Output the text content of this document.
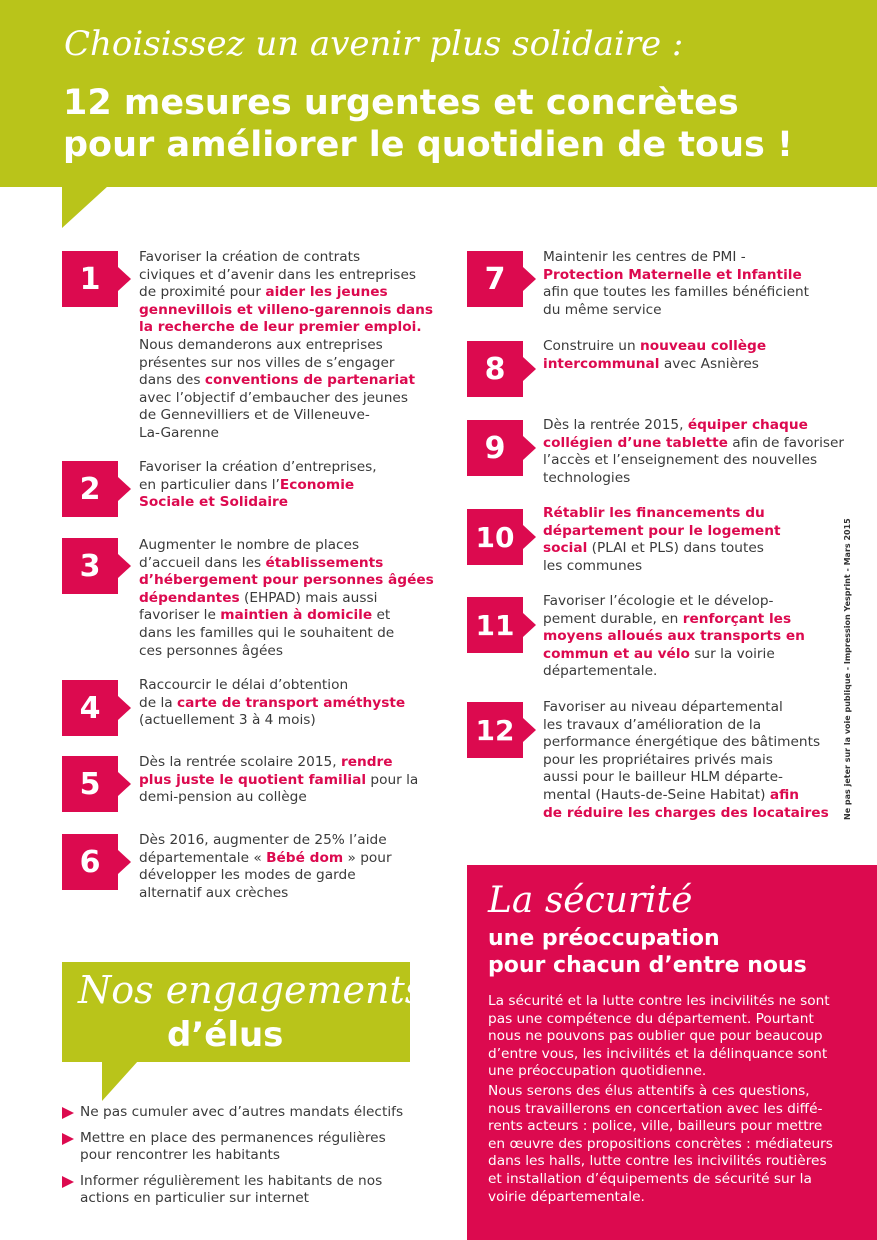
Choisissez un avenir plus solidaire :
12 mesures urgentes et concrètes
pour améliorer le quotidien de tous !
1
Favoriser la création de contrats
civiques et d’avenir dans les entreprises
de proximité pour aider les jeunes
gennevillois et villeno-garennois dans
la recherche de leur premier emploi.
Nous demanderons aux entreprises
présentes sur nos villes de s’engager
dans des conventions de partenariat
avec l’objectif d’embaucher des jeunes
de Gennevilliers et de Villeneuve-
La-Garenne
2
Favoriser la création d’entreprises,
en particulier dans l’Economie
Sociale et Solidaire
3
Augmenter le nombre de places
d’accueil dans les établissements
d’hébergement pour personnes âgées
dépendantes (EHPAD) mais aussi
favoriser le maintien à domicile et
dans les familles qui le souhaitent de
ces personnes âgées
4
Raccourcir le délai d’obtention
de la carte de transport améthyste
(actuellement 3 à 4 mois)
5
Dès la rentrée scolaire 2015, rendre
plus juste le quotient familial pour la
demi-pension au collège
6
Dès 2016, augmenter de 25% l’aide
départementale « Bébé dom » pour
développer les modes de garde
alternatif aux crèches
7
Maintenir les centres de PMI -
Protection Maternelle et Infantile
afin que toutes les familles bénéficient
du même service
8
Construire un nouveau collège
intercommunal avec Asnières
9
Dès la rentrée 2015, équiper chaque
collégien d’une tablette afin de favoriser
l’accès et l’enseignement des nouvelles
technologies
10
Rétablir les financements du
département pour le logement
social (PLAI et PLS) dans toutes
les communes
11
Favoriser l’écologie et le dévelop-
pement durable, en renforçant les
moyens alloués aux transports en
commun et au vélo sur la voirie
départementale.
12
Favoriser au niveau départemental
les travaux d’amélioration de la
performance énergétique des bâtiments
pour les propriétaires privés mais
aussi pour le bailleur HLM départe-
mental (Hauts-de-Seine Habitat) afin
de réduire les charges des locataires Ne pas jeter sur la voie publique - Impression Yesprint - Mars 2015
Nos engagements
d’élus
Ne pas cumuler avec d’autres mandats électifs
Mettre en place des permanences régulières
pour rencontrer les habitants
Informer régulièrement les habitants de nos
actions en particulier sur internet
La sécurité
une préoccupation
pour chacun d’entre nous
La sécurité et la lutte contre les incivilités ne sont
pas une compétence du département. Pourtant
nous ne pouvons pas oublier que pour beaucoup
d’entre vous, les incivilités et la délinquance sont
une préoccupation quotidienne.
Nous serons des élus attentifs à ces questions,
nous travaillerons en concertation avec les diffé-
rents acteurs : police, ville, bailleurs pour mettre
en œuvre des propositions concrètes : médiateurs
dans les halls, lutte contre les incivilités routières
et installation d’équipements de sécurité sur la
voirie départementale.
